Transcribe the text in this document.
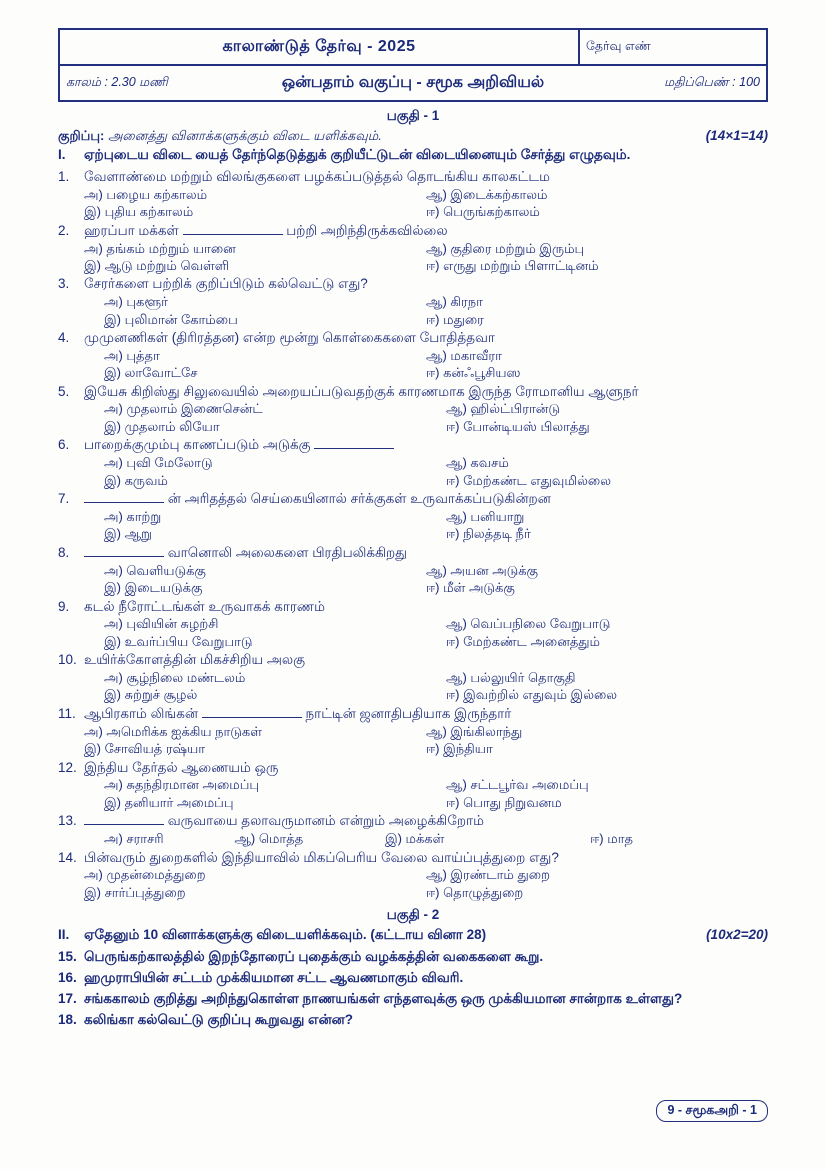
காலாண்டுத் தேர்வு - 2025	தேர்வு எண்
காலம் : 2.30 மணி	ஒன்பதாம் வகுப்பு - சமூக அறிவியல்	மதிப்பெண் : 100
பகுதி - 1
குறிப்பு: அனைத்து வினாக்களுக்கும் விடை யளிக்கவும்.	(14×1=14)
I.	ஏற்புடைய விடை யைத் தேர்ந்தெடுத்துக் குறியீட்டுடன் விடையினையும் சேர்த்து எழுதவும்.
1.	வேளாண்மை மற்றும் விலங்குகளை பழக்கப்படுத்தல் தொடங்கிய காலகட்டம
அ) பழைய கற்காலம்	ஆ) இடைக்கற்காலம்
இ) புதிய கற்காலம்	ஈ) பெருங்கற்காலம்
2.	ஹரப்பா மக்கள்	பற்றி அறிந்திருக்கவில்லை
அ) தங்கம் மற்றும் யானை	ஆ) குதிரை மற்றும் இரும்பு
இ) ஆடு மற்றும் வெள்ளி	ஈ) எருது மற்றும் பிளாட்டினம்
3.	சேரர்களை பற்றிக் குறிப்பிடும் கல்வெட்டு எது?
அ) புகளூர்	ஆ) கிரநா
இ) புலிமான் கோம்பை	ஈ) மதுரை
4.	முமுனணிகள் (திரிரத்தன) என்ற மூன்று கொள்கைகளை போதித்தவா
அ) புத்தா	ஆ) மகாவீரா
இ) லாவோட்சே	ஈ) கன்ஃபூசியஸ
5.	இயேசு கிறிஸ்து சிலுவையில் அறையப்படுவதற்குக் காரணமாக இருந்த ரோமானிய ஆளுநர்
அ) முதலாம் இணைசென்ட்	ஆ) ஹில்ட்பிரான்டு
இ) முதலாம் லியோ	ஈ) போன்டியஸ் பிலாத்து
6.	பாறைக்குமும்பு காணப்படும் அடுக்கு
அ) புவி மேலோடு	ஆ) கவசம்
இ) கருவம்	ஈ) மேற்கண்ட எதுவுமில்லை
7.	ன் அரிதத்தல் செய்கையினால் சர்க்குகள் உருவாக்கப்படுகின்றன
அ) காற்று	ஆ) பனியாறு
இ) ஆறு	ஈ) நிலத்தடி நீர்
8.	வானொலி அலைகளை பிரதிபலிக்கிறது
அ) வெளியடுக்கு	ஆ) அயன அடுக்கு
இ) இடையடுக்கு	ஈ) மீள் அடுக்கு
9.	கடல் நீரோட்டங்கள் உருவாகக் காரணம்
அ) புவியின் சுழற்சி	ஆ) வெப்பநிலை வேறுபாடு
இ) உவர்ப்பிய வேறுபாடு	ஈ) மேற்கண்ட அனைத்தும்
10. உயிர்க்கோளத்தின் மிகச்சிறிய அலகு
அ) சூழ்நிலை மண்டலம்	ஆ) பல்லுயிர் தொகுதி
இ) சுற்றுச் சூழல்	ஈ) இவற்றில் எதுவும் இல்லை
11. ஆபிரகாம் லிங்கன்	நாட்டின் ஜனாதிபதியாக இருந்தார்
அ) அமெரிக்க ஐக்கிய நாடுகள்	ஆ) இங்கிலாந்து
இ) சோவியத் ரஷ்யா	ஈ) இந்தியா
12. இந்திய தேர்தல் ஆணையம் ஒரு
அ) சுதந்திரமான அமைப்பு	ஆ) சட்டபூர்வ அமைப்பு
இ) தனியார் அமைப்பு	ஈ) பொது நிறுவனம
13.	வருவாயை தலாவருமானம் என்றும் அழைக்கிறோம்
அ) சராசரி	ஆ) மொத்த	இ) மக்கள்	ஈ) மாத
14. பின்வரும் துறைகளில் இந்தியாவில் மிகப்பெரிய வேலை வாய்ப்புத்துறை எது?
அ) முதன்மைத்துறை	ஆ) இரண்டாம் துறை
இ) சார்ப்புத்துறை	ஈ) தொழுத்துறை
பகுதி - 2
II.	ஏதேனும் 10 வினாக்களுக்கு விடையளிக்கவும். (கட்டாய வினா 28)	(10x2=20)
15. பெருங்கற்காலத்தில் இறந்தோரைப் புதைக்கும் வழக்கத்தின் வகைகளை கூறு.
16. ஹமுராபியின் சட்டம் முக்கியமான சட்ட ஆவணமாகும் விவரி.
17. சங்ககாலம் குறித்து அறிந்துகொள்ள நாணயங்கள் எந்தளவுக்கு ஒரு முக்கியமான சான்றாக உள்ளது?
18. கலிங்கா கல்வெட்டு குறிப்பு கூறுவது என்ன?
9 - சமூகஅறி - 1
